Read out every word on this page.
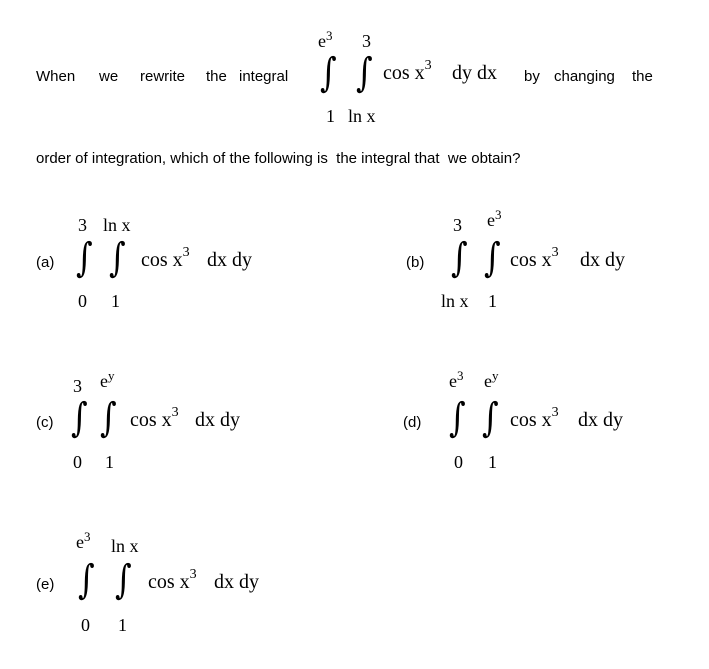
When we rewrite the integral
$e^3$ 3
∫ ∫
1 ln x
$\cos x^3$ dy dx by changing the
order of integration, which of the following is  the integral that  we obtain?
(a)
3 ln x
∫ ∫
0 1
$\cos x^3$ dx dy	(b)
3 $e^3$
∫ ∫
ln x 1
$\cos x^3$ dx dy
(c)
3 $e^y$
∫ ∫
0 1
$\cos x^3$ dx dy	(d)
$e^3$ $e^y$
∫ ∫
0 1
$\cos x^3$ dx dy
(e)
$e^3$ ln x
∫ ∫
0 1
$\cos x^3$ dx dy
